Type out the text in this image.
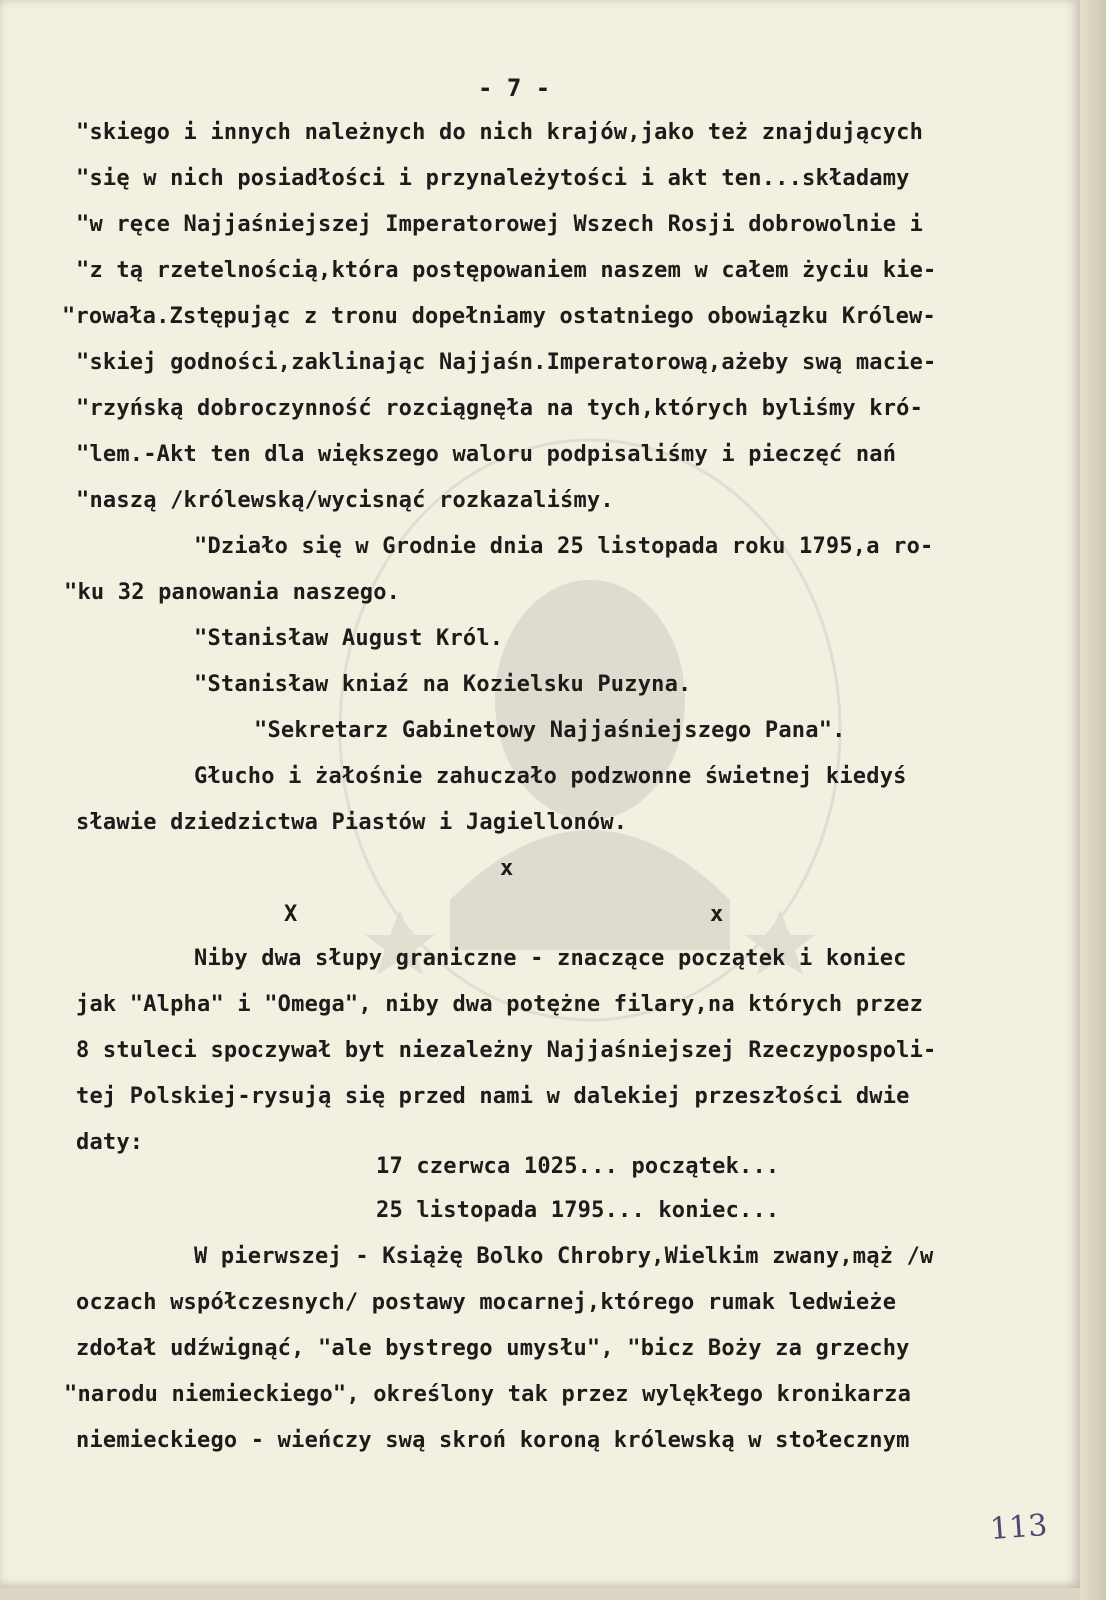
- 7 -

"skiego i innych należnych do nich krajów,jako też znajdujących

"się w nich posiadłości i przynależytości i akt ten...składamy

"w ręce Najjaśniejszej Imperatorowej Wszech Rosji dobrowolnie i

"z tą rzetelnością,która postępowaniem naszem w całem życiu kie-

"rowała.Zstępując z tronu dopełniamy ostatniego obowiązku Królew-

"skiej godności,zaklinając Najjaśn.Imperatorową,ażeby swą macie-

"rzyńską dobroczynność rozciągnęła na tych,których byliśmy kró-

"lem.-Akt ten dla większego waloru podpisaliśmy i pieczęć nań

"naszą /królewską/wycisnąć rozkazaliśmy.

"Działo się w Grodnie dnia 25 listopada roku 1795,a ro-

"ku 32 panowania naszego.

"Stanisław August Król.

"Stanisław kniaź na Kozielsku Puzyna.

"Sekretarz Gabinetowy Najjaśniejszego Pana".

Głucho i żałośnie zahuczało podzwonne świetnej kiedyś

sławie dziedzictwa Piastów i Jagiellonów.

x

X	x

Niby dwa słupy graniczne - znaczące początek i koniec

jak "Alpha" i "Omega", niby dwa potężne filary,na których przez

8 stuleci spoczywał byt niezależny Najjaśniejszej Rzeczypospoli-

tej Polskiej-rysują się przed nami w dalekiej przeszłości dwie

daty:

17 czerwca 1025... początek...

25 listopada 1795... koniec...

W pierwszej - Książę Bolko Chrobry,Wielkim zwany,mąż /w

oczach współczesnych/ postawy mocarnej,którego rumak ledwieże

zdołał udźwignąć, "ale bystrego umysłu", "bicz Boży za grzechy

"narodu niemieckiego", określony tak przez wylękłego kronikarza

niemieckiego - wieńczy swą skroń koroną królewską w stołecznym

113
